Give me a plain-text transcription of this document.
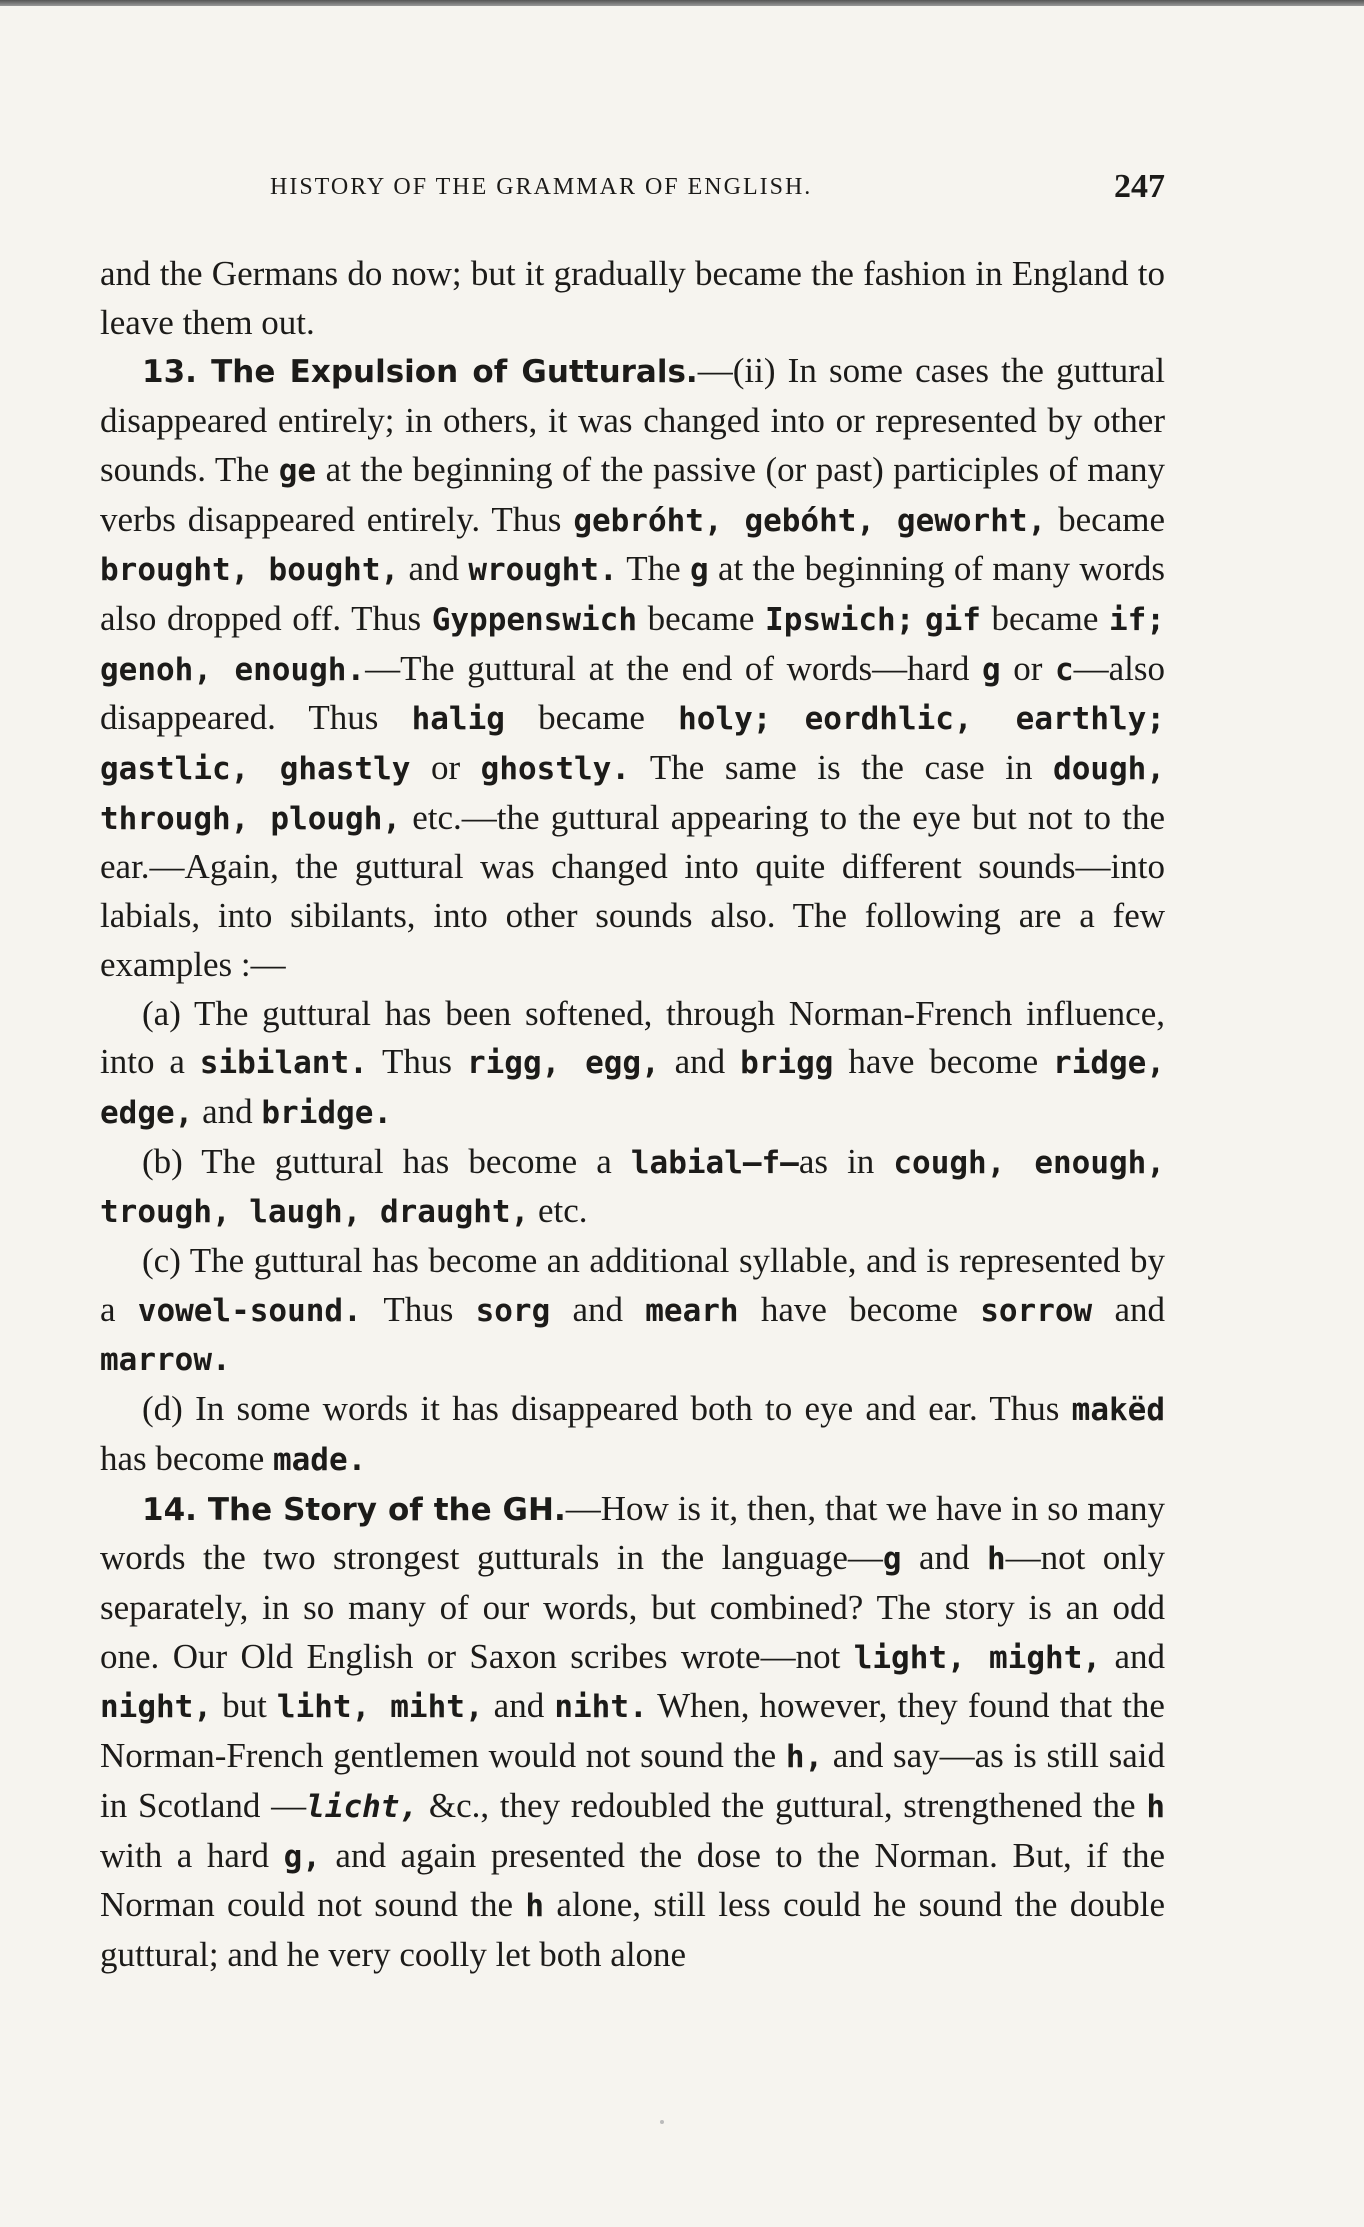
HISTORY OF THE GRAMMAR OF ENGLISH.	247

and the Germans do now; but it gradually became the fashion in England to leave them out.

13. The Expulsion of Gutturals.—(ii) In some cases the guttural disappeared entirely; in others, it was changed into or represented by other sounds. The ge at the beginning of the passive (or past) participles of many verbs disappeared entirely. Thus gebróht, gebóht, geworht, became brought, bought, and wrought. The g at the beginning of many words also dropped off. Thus Gyppenswich became Ipswich; gif became if; genoh, enough.—The guttural at the end of words—hard g or c—also disappeared. Thus halig became holy; eordhlic, earthly; gastlic, ghastly or ghostly. The same is the case in dough, through, plough, etc.—the guttural appearing to the eye but not to the ear.—Again, the guttural was changed into quite different sounds—into labials, into sibilants, into other sounds also. The following are a few examples :—

(a) The guttural has been softened, through Norman-French influence, into a sibilant. Thus rigg, egg, and brigg have become ridge, edge, and bridge.

(b) The guttural has become a labial—f—as in cough, enough, trough, laugh, draught, etc.

(c) The guttural has become an additional syllable, and is represented by a vowel-sound. Thus sorg and mearh have become sorrow and marrow.

(d) In some words it has disappeared both to eye and ear. Thus makëd has become made.

14. The Story of the GH.—How is it, then, that we have in so many words the two strongest gutturals in the language—g and h—not only separately, in so many of our words, but combined? The story is an odd one. Our Old English or Saxon scribes wrote—not light, might, and night, but liht, miht, and niht. When, however, they found that the Norman-French gentlemen would not sound the h, and say—as is still said in Scotland —licht, &c., they redoubled the guttural, strengthened the h with a hard g, and again presented the dose to the Norman. But, if the Norman could not sound the h alone, still less could he sound the double guttural; and he very coolly let both alone
